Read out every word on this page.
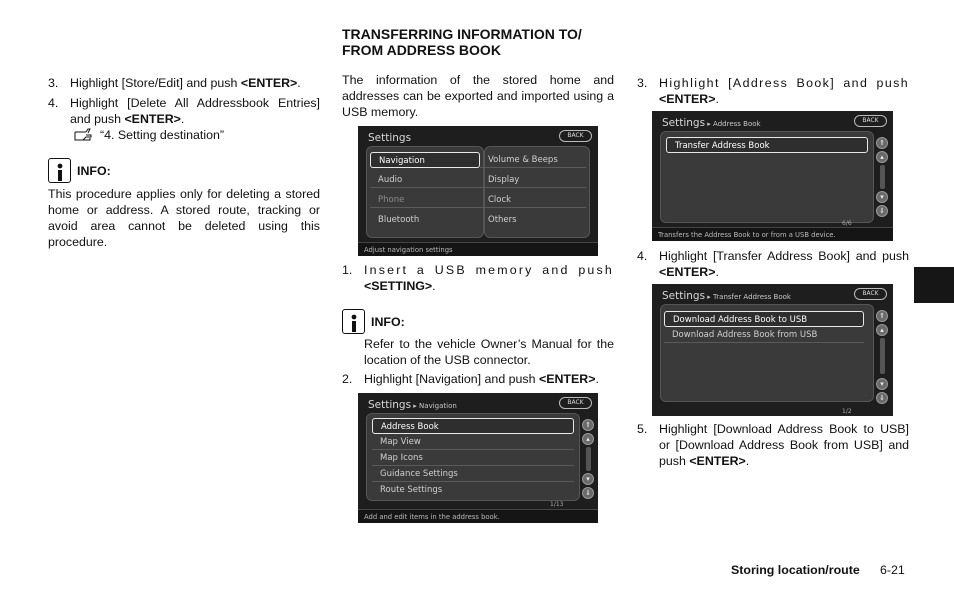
3. Highlight [Store/Edit] and push <ENTER>.
4. Highlight [Delete All Addressbook Entries] and push <ENTER>.
“4. Setting destination”
INFO:
This procedure applies only for deleting a stored home or address. A stored route, tracking or avoid area cannot be deleted using this procedure.
TRANSFERRING INFORMATION TO/
FROM ADDRESS BOOK
The information of the stored home and addresses can be exported and imported using a USB memory.
Settings	BACK
Navigation
Audio
Phone
Bluetooth
Volume & Beeps
Display
Clock
Others
Adjust navigation settings
1. Insert a USB memory and push <SETTING>.
INFO:
Refer to the vehicle Owner’s Manual for the location of the USB connector.
2. Highlight [Navigation] and push <ENTER>.
Settings ▸ Navigation	BACK
Address Book
Map View
Map Icons
Guidance Settings
Route Settings
⇑
▴
▾
⇓
1/13
Add and edit items in the address book.
3. Highlight [Address Book] and push <ENTER>.
Settings ▸ Address Book	BACK
Transfer Address Book	⇑
▴
▾
⇓
6/6
Transfers the Address Book to or from a USB device.
4. Highlight [Transfer Address Book] and push <ENTER>.
Settings ▸ Transfer Address Book	BACK
Download Address Book to USB
Download Address Book from USB
⇑
▴
▾
⇓
1/2
5. Highlight [Download Address Book to USB] or [Download Address Book from USB] and push <ENTER>.
Storing location/route 6-21
